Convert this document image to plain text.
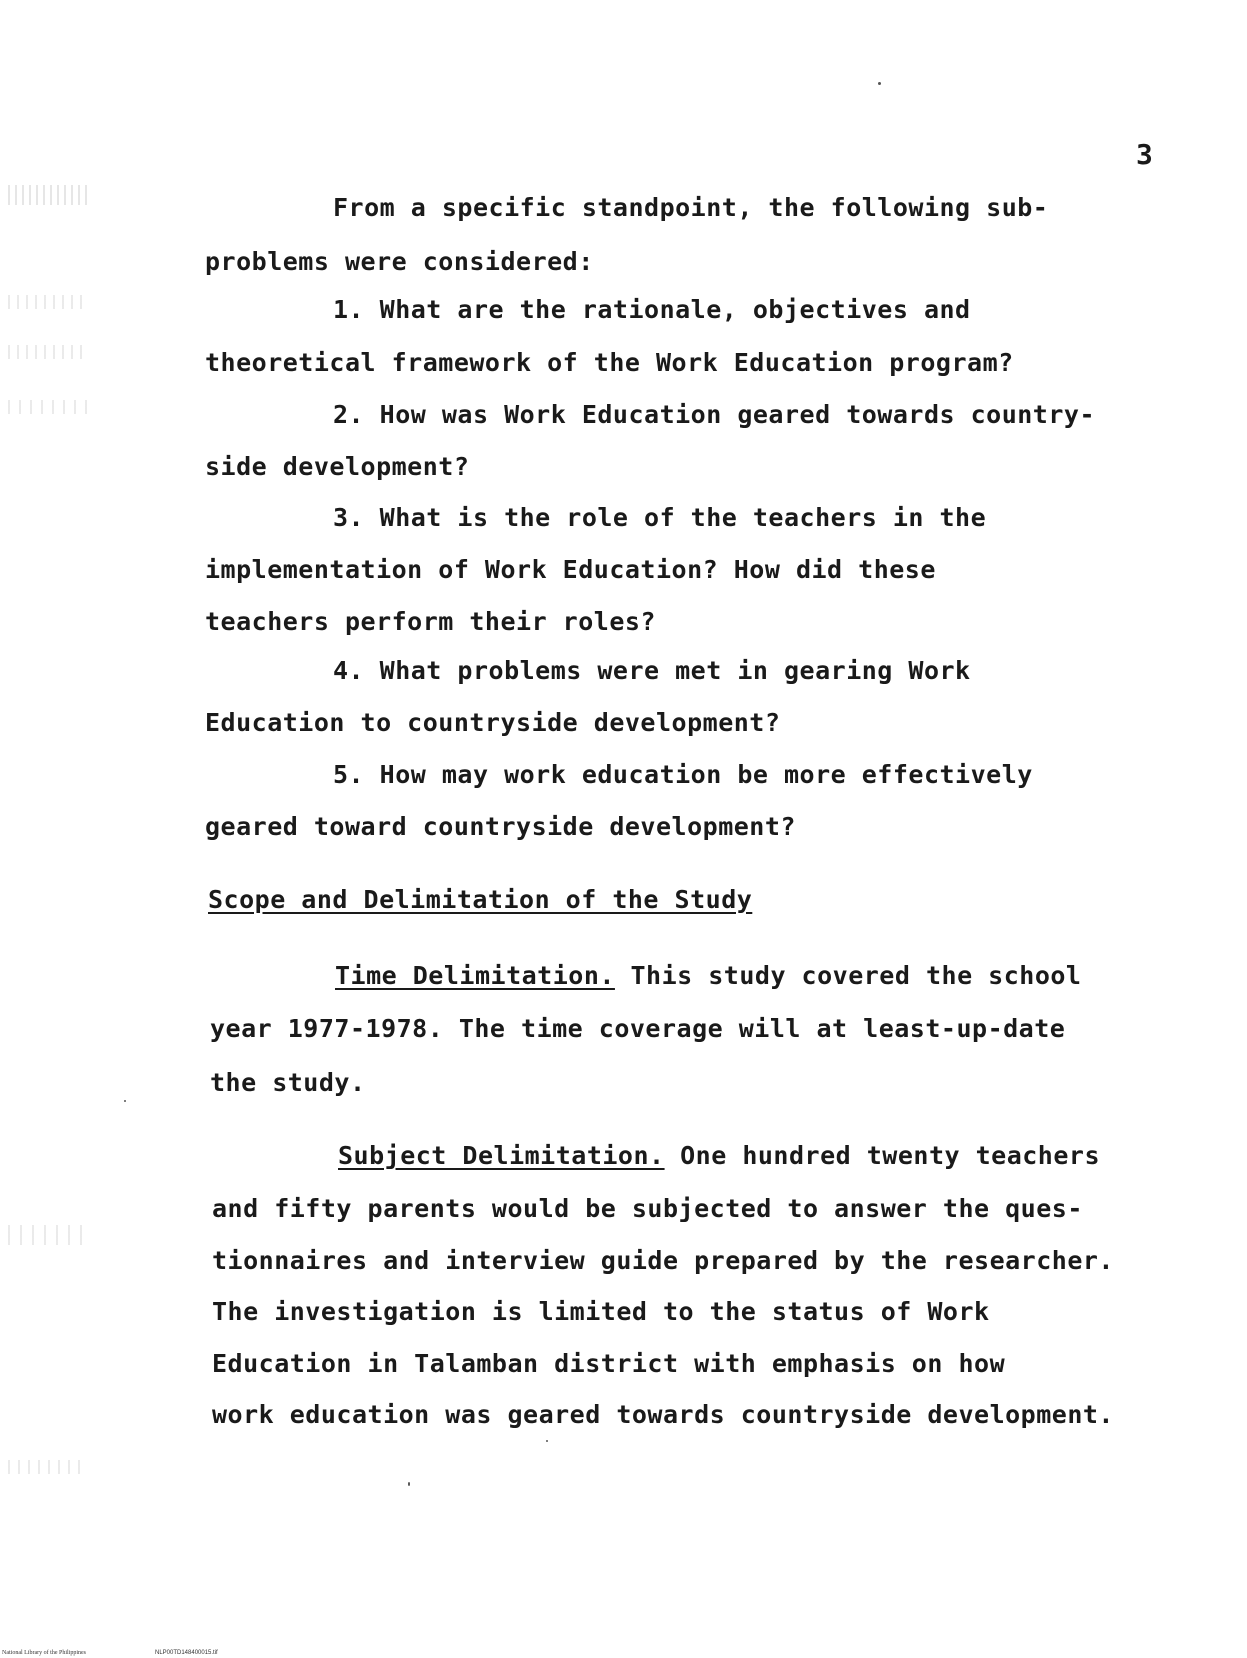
3
From a specific standpoint, the following sub-
problems were considered:
1. What are the rationale, objectives and
theoretical framework of the Work Education program?
2. How was Work Education geared towards country-
side development?
3. What is the role of the teachers in the
implementation of Work Education? How did these
teachers perform their roles?
4. What problems were met in gearing Work
Education to countryside development?
5. How may work education be more effectively
geared toward countryside development?
Scope and Delimitation of the Study
Time Delimitation. This study covered the school
year 1977-1978. The time coverage will at least-up-date
the study.
Subject Delimitation. One hundred twenty teachers
and fifty parents would be subjected to answer the ques-
tionnaires and interview guide prepared by the researcher.
The investigation is limited to the status of Work
Education in Talamban district with emphasis on how
work education was geared towards countryside development.
National Library of the Philippines	NLP00TD148400015.tif
